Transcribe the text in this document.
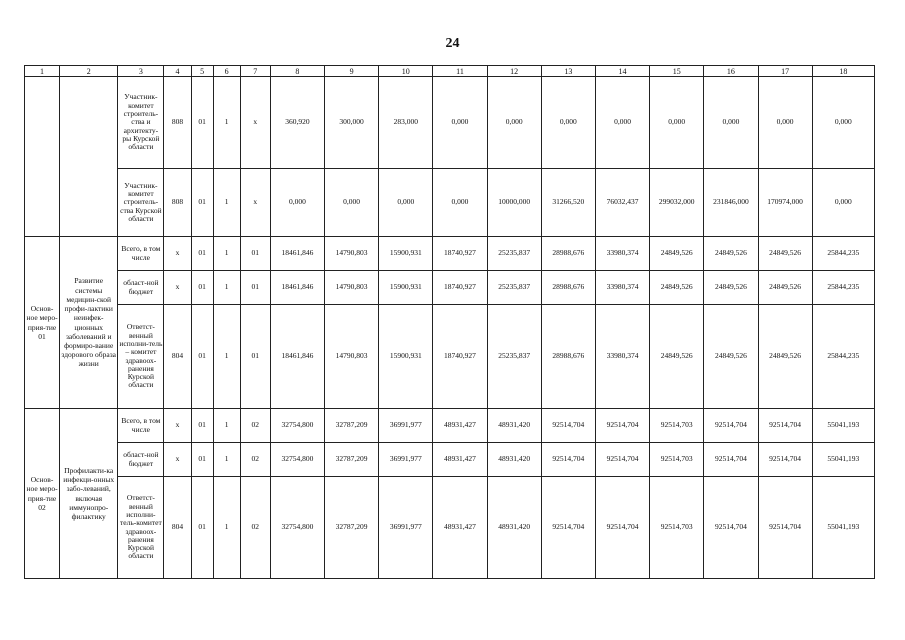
24
1	2	3	4	5	6	7	8	9	10	11	12	13	14	15	16	17	18
		Участник-комитет строитель-ства и архитекту-ры Курской области	808	01	1	x	360,920	300,000	283,000	0,000	0,000	0,000	0,000	0,000	0,000	0,000	0,000
		Участник-комитет строитель-ства Курской области	808	01	1	x	0,000	0,000	0,000	0,000	10000,000	31266,520	76032,437	299032,000	231846,000	170974,000	0,000
Основ-ное меро-прия-тие 01	Развитие системы медицин-ской профи-лактики неинфек-ционных заболеваний и формиро-вание здорового образа жизни	Всего, в том числе	x	01	1	01	18461,846	14790,803	15900,931	18740,927	25235,837	28988,676	33980,374	24849,526	24849,526	24849,526	25844,235
		област-ной бюджет	x	01	1	01	18461,846	14790,803	15900,931	18740,927	25235,837	28988,676	33980,374	24849,526	24849,526	24849,526	25844,235
		Ответст-венный исполни-тель – комитет здравоох-ранения Курской области	804	01	1	01	18461,846	14790,803	15900,931	18740,927	25235,837	28988,676	33980,374	24849,526	24849,526	24849,526	25844,235
Основ-ное меро-прия-тие 02	Профилакти-ка инфекци-онных забо-леваний, включая иммунопро-филактику	Всего, в том числе	x	01	1	02	32754,800	32787,209	36991,977	48931,427	48931,420	92514,704	92514,704	92514,703	92514,704	92514,704	55041,193
		област-ной бюджет	x	01	1	02	32754,800	32787,209	36991,977	48931,427	48931,420	92514,704	92514,704	92514,703	92514,704	92514,704	55041,193
		Ответст-венный исполни-тель-комитет здравоох-ранения Курской области	804	01	1	02	32754,800	32787,209	36991,977	48931,427	48931,420	92514,704	92514,704	92514,703	92514,704	92514,704	55041,193
